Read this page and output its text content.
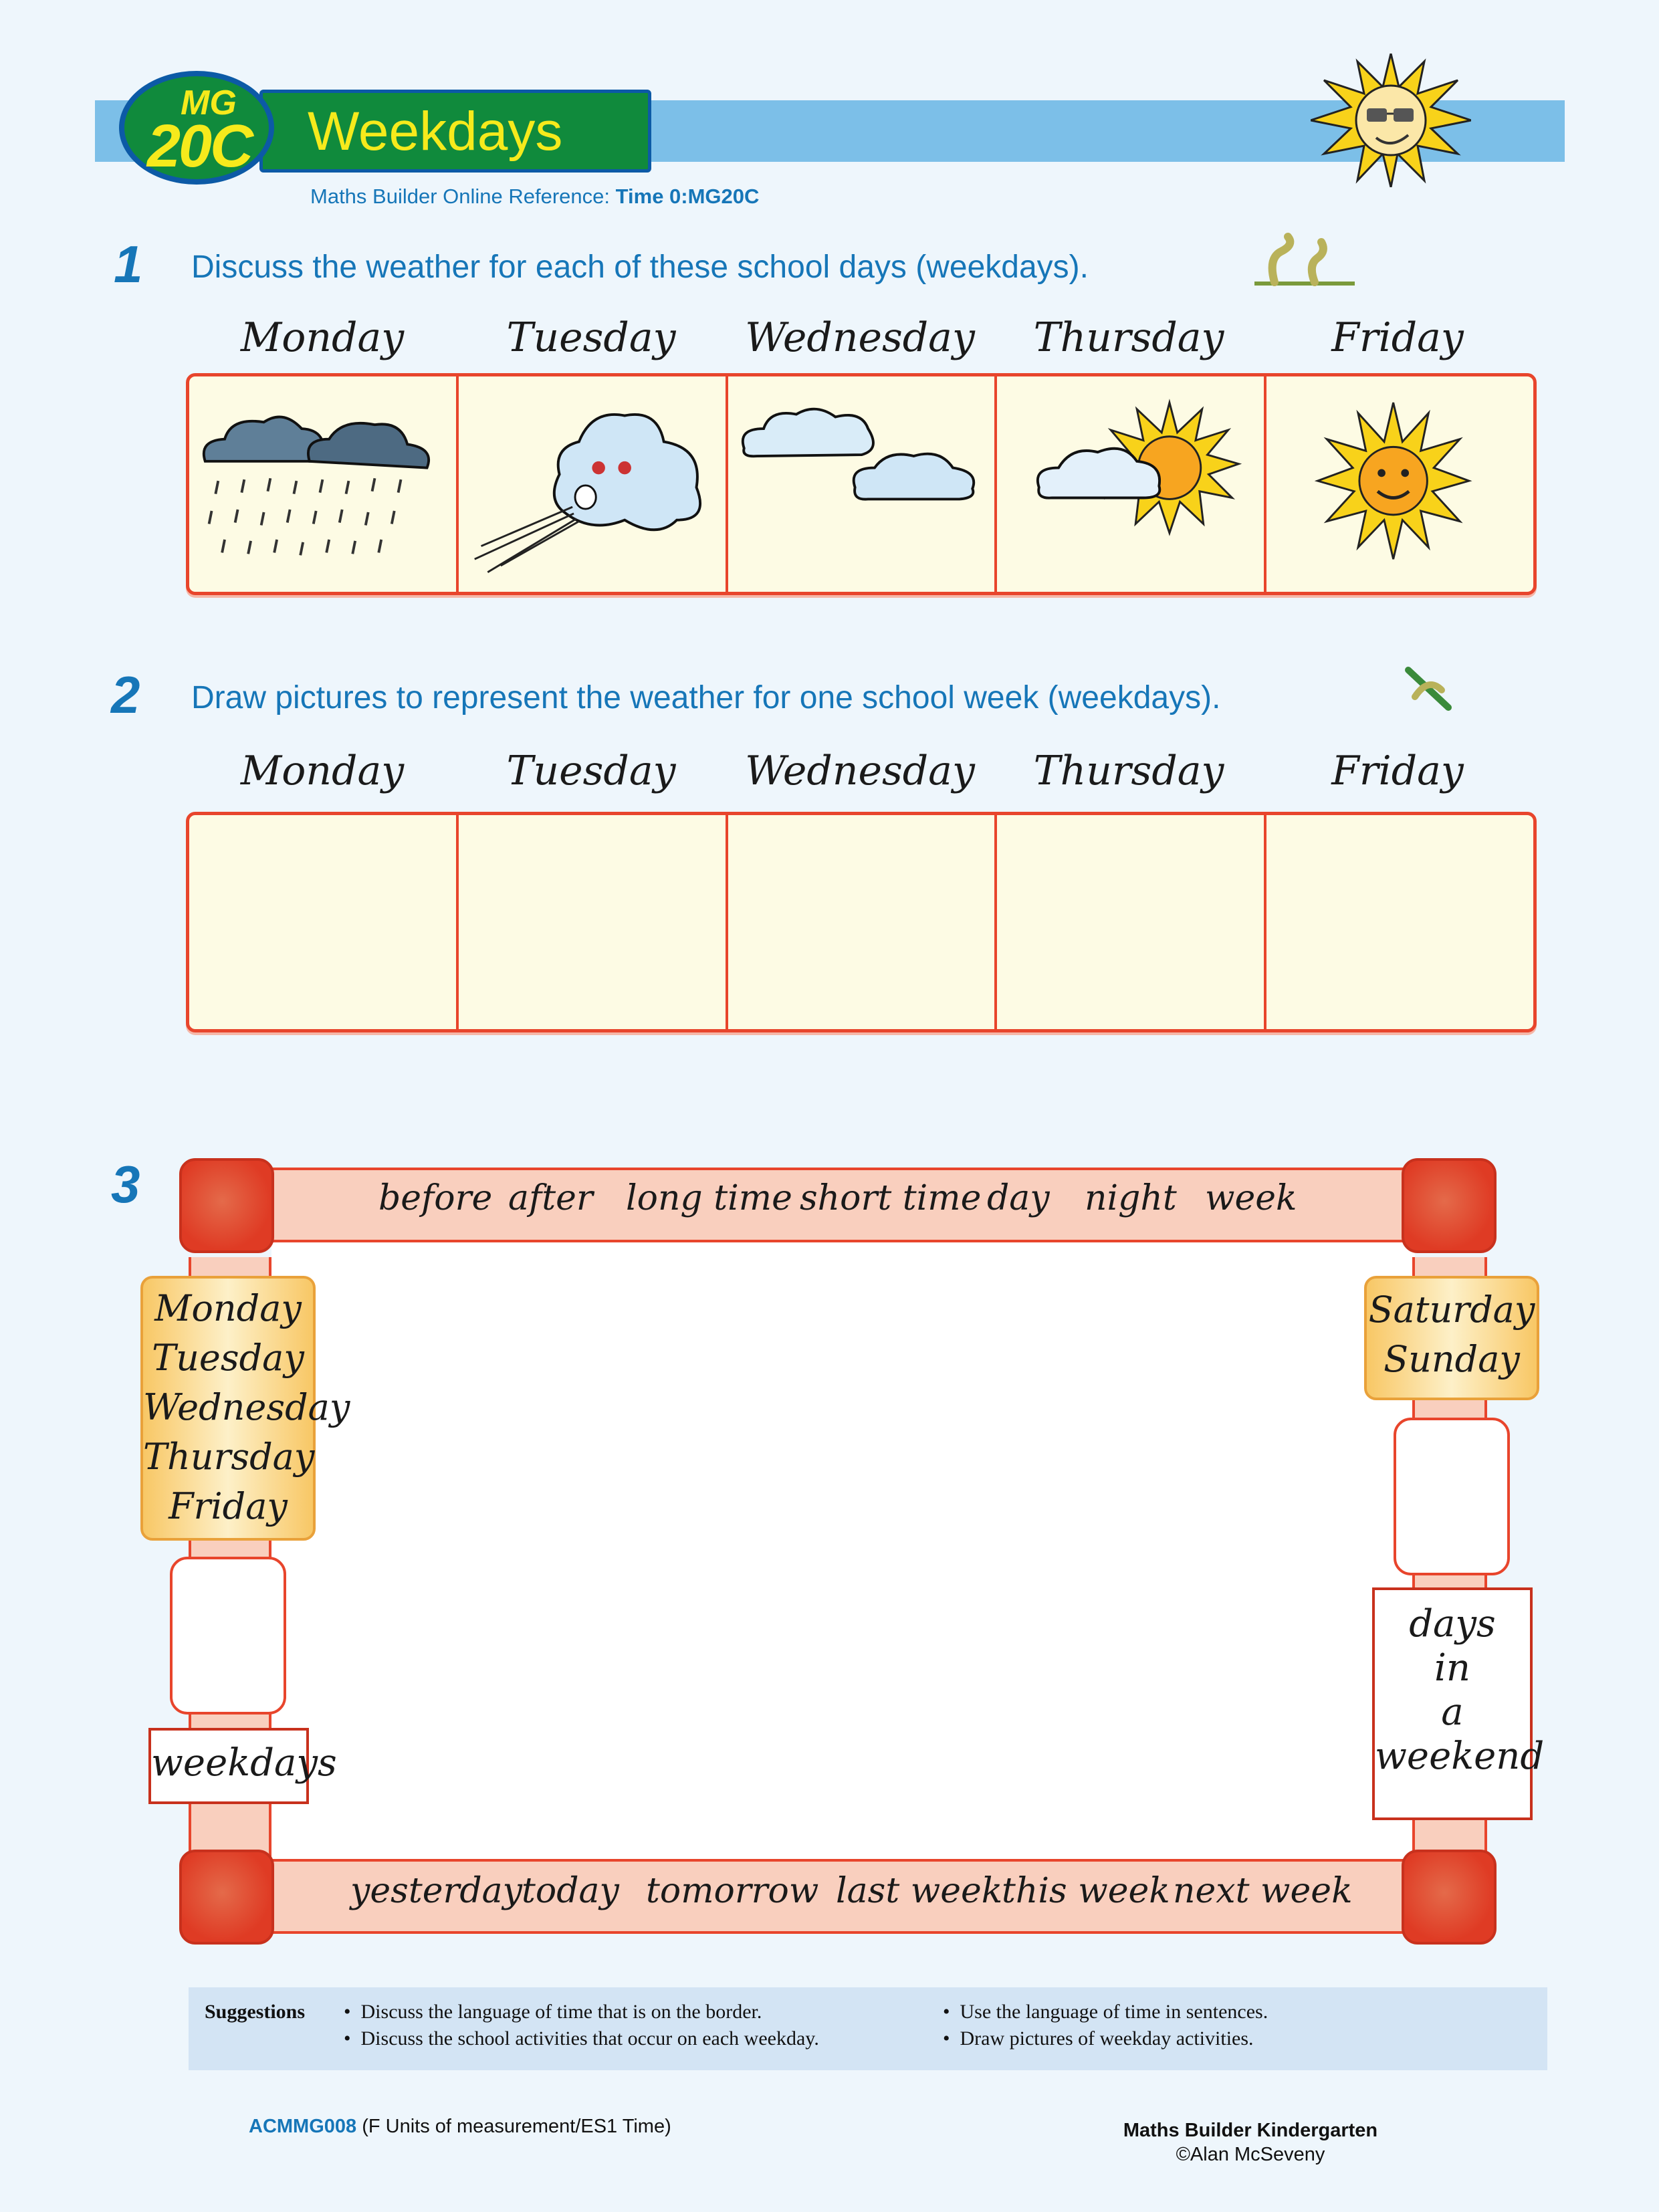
Weekdays
MG
20C
Maths Builder Online Reference: Time 0:MG20C
1 Discuss the weather for each of these school days (weekdays).
Monday	Tuesday	Wednesday	Thursday	Friday
2 Draw pictures to represent the weather for one school week (weekdays).
Monday	Tuesday	Wednesday	Thursday	Friday
3	before after long time short time day night week
yesterday
today tomorrow last week
this week next week
Monday
Tuesday
Wednesday
Thursday
Friday
Saturday
Sunday
weekdays
days
in
a
weekend
Suggestions •  Discuss the language of time that is on the border.
•  Discuss the school activities that occur on each weekday.
•  Use the language of time in sentences.
•  Draw pictures of weekday activities.
ACMMG008 (F Units of measurement/ES1 Time)	Maths Builder Kindergarten
©Alan McSeveny
